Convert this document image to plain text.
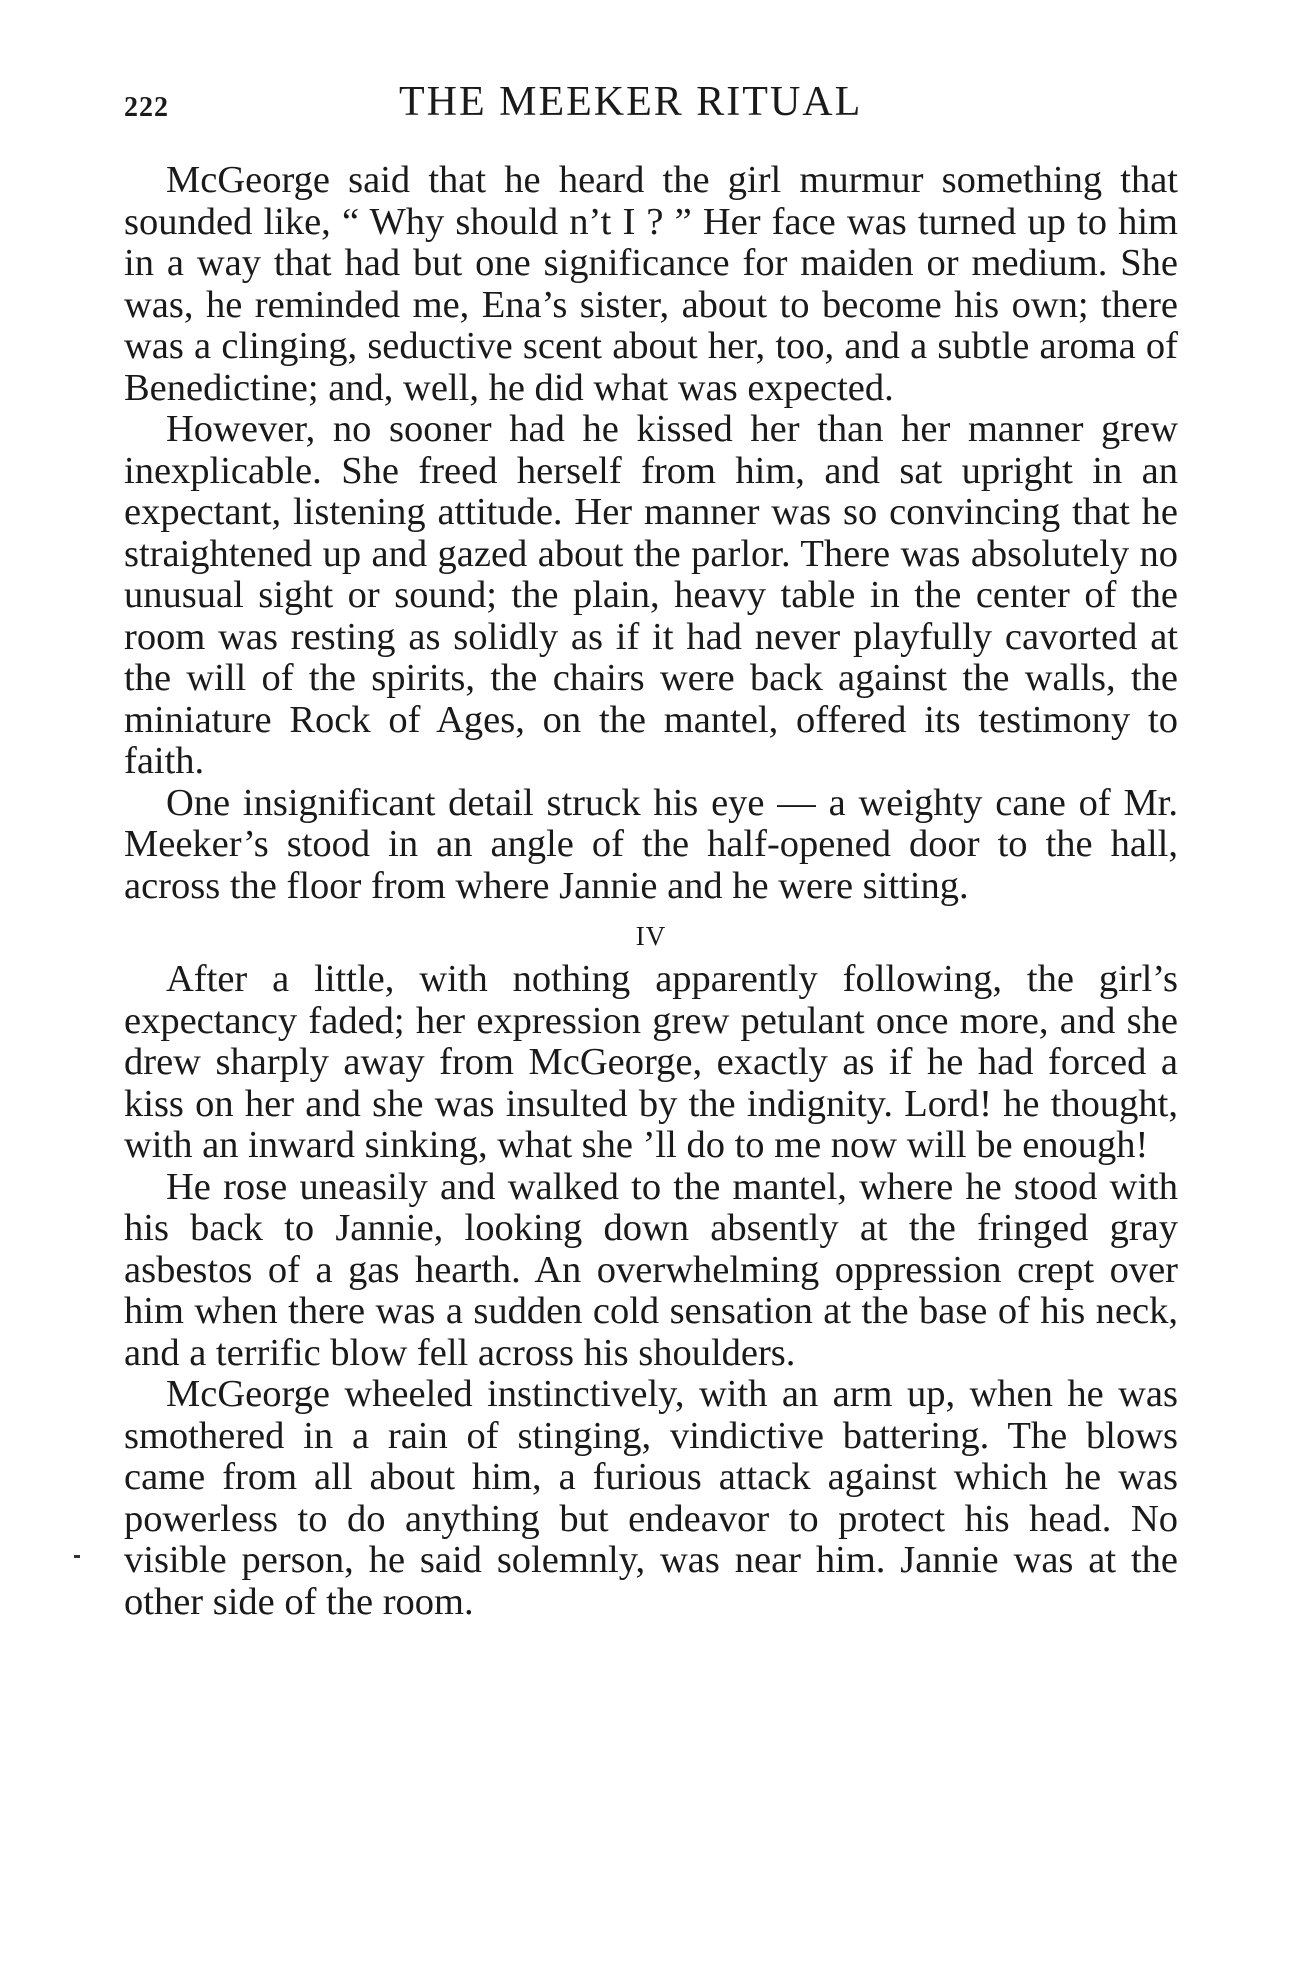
222	THE MEEKER RITUAL

McGeorge said that he heard the girl murmur something that sounded like, “ Why should n’t I ? ” Her face was turned up to him in a way that had but one significance for maiden or medium. She was, he reminded me, Ena’s sister, about to become his own; there was a clinging, seductive scent about her, too, and a subtle aroma of Benedictine; and, well, he did what was expected.

However, no sooner had he kissed her than her manner grew inexplicable. She freed herself from him, and sat upright in an expectant, listening attitude. Her manner was so convincing that he straightened up and gazed about the parlor. There was absolutely no unusual sight or sound; the plain, heavy table in the center of the room was resting as solidly as if it had never playfully cavorted at the will of the spirits, the chairs were back against the walls, the miniature Rock of Ages, on the mantel, offered its testimony to faith.

One insignificant detail struck his eye — a weighty cane of Mr. Meeker’s stood in an angle of the half-opened door to the hall, across the floor from where Jannie and he were sitting.

IV

After a little, with nothing apparently following, the girl’s expectancy faded; her expression grew petulant once more, and she drew sharply away from McGeorge, exactly as if he had forced a kiss on her and she was insulted by the indignity. Lord! he thought, with an inward sinking, what she ’ll do to me now will be enough!

He rose uneasily and walked to the mantel, where he stood with his back to Jannie, looking down absently at the fringed gray asbestos of a gas hearth. An overwhelming oppression crept over him when there was a sudden cold sensation at the base of his neck, and a terrific blow fell across his shoulders.

McGeorge wheeled instinctively, with an arm up, when he was smothered in a rain of stinging, vindictive battering. The blows came from all about him, a furious attack against which he was powerless to do anything but endeavor to protect his head. No visible person, he said solemnly, was near him. Jannie was at the other side of the room.
